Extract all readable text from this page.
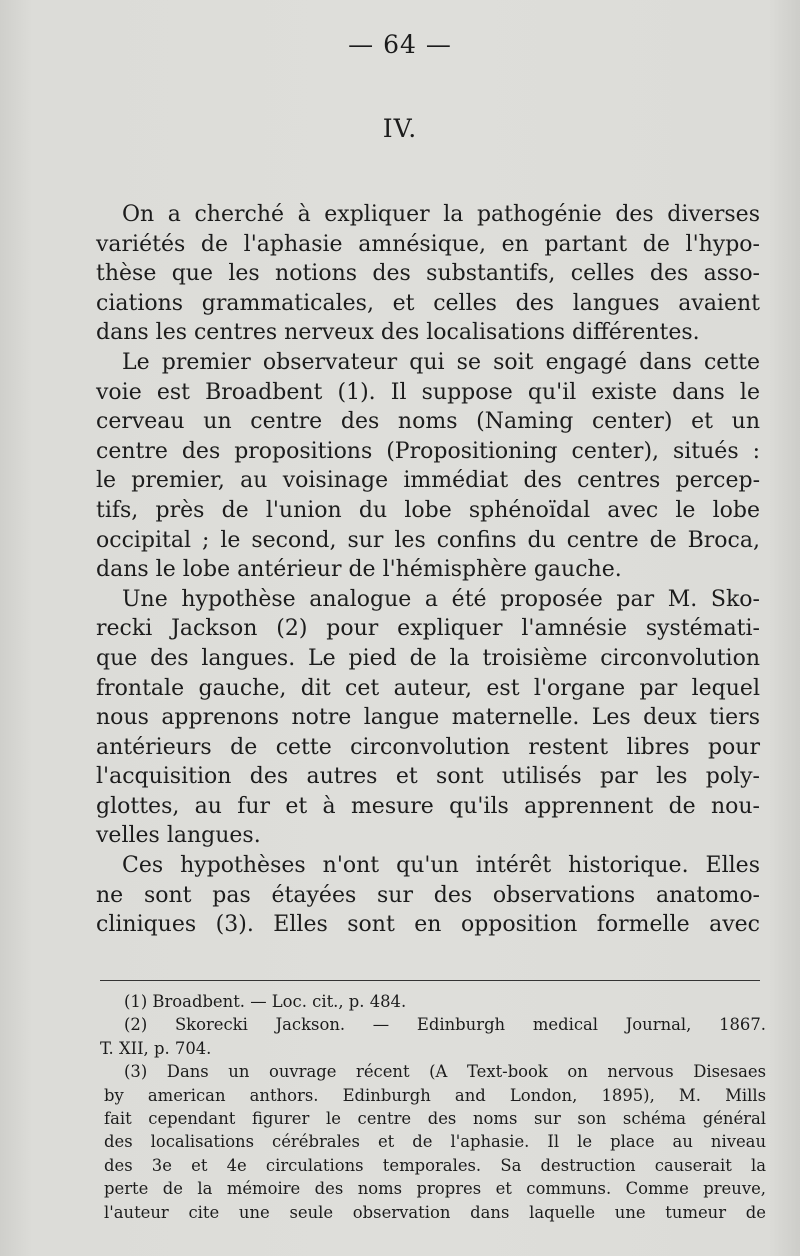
— 64 —
IV.
On a cherché à expliquer la pathogénie des diverses
variétés de l'aphasie amnésique, en partant de l'hypo-
thèse que les notions des substantifs, celles des asso-
ciations grammaticales, et celles des langues avaient
dans les centres nerveux des localisations différentes.
Le premier observateur qui se soit engagé dans cette
voie est Broadbent (1). Il suppose qu'il existe dans le
cerveau un centre des noms (Naming center) et un
centre des propositions (Propositioning center), situés :
le premier, au voisinage immédiat des centres percep-
tifs, près de l'union du lobe sphénoïdal avec le lobe
occipital ; le second, sur les confins du centre de Broca,
dans le lobe antérieur de l'hémisphère gauche.
Une hypothèse analogue a été proposée par M. Sko-
recki Jackson (2) pour expliquer l'amnésie systémati-
que des langues. Le pied de la troisième circonvolution
frontale gauche, dit cet auteur, est l'organe par lequel
nous apprenons notre langue maternelle. Les deux tiers
antérieurs de cette circonvolution restent libres pour
l'acquisition des autres et sont utilisés par les poly-
glottes, au fur et à mesure qu'ils apprennent de nou-
velles langues.
Ces hypothèses n'ont qu'un intérêt historique. Elles
ne sont pas étayées sur des observations anatomo-
cliniques (3). Elles sont en opposition formelle avec
(1) Broadbent. — Loc. cit., p. 484.
(2) Skorecki Jackson. — Edinburgh medical Journal, 1867.
T. XII, p. 704.
(3) Dans un ouvrage récent (A Text-book on nervous Disesaes
by american anthors. Edinburgh and London, 1895), M. Mills
fait cependant figurer le centre des noms sur son schéma général
des localisations cérébrales et de l'aphasie. Il le place au niveau
des 3e et 4e circulations temporales. Sa destruction causerait la
perte de la mémoire des noms propres et communs. Comme preuve,
l'auteur cite une seule observation dans laquelle une tumeur de
